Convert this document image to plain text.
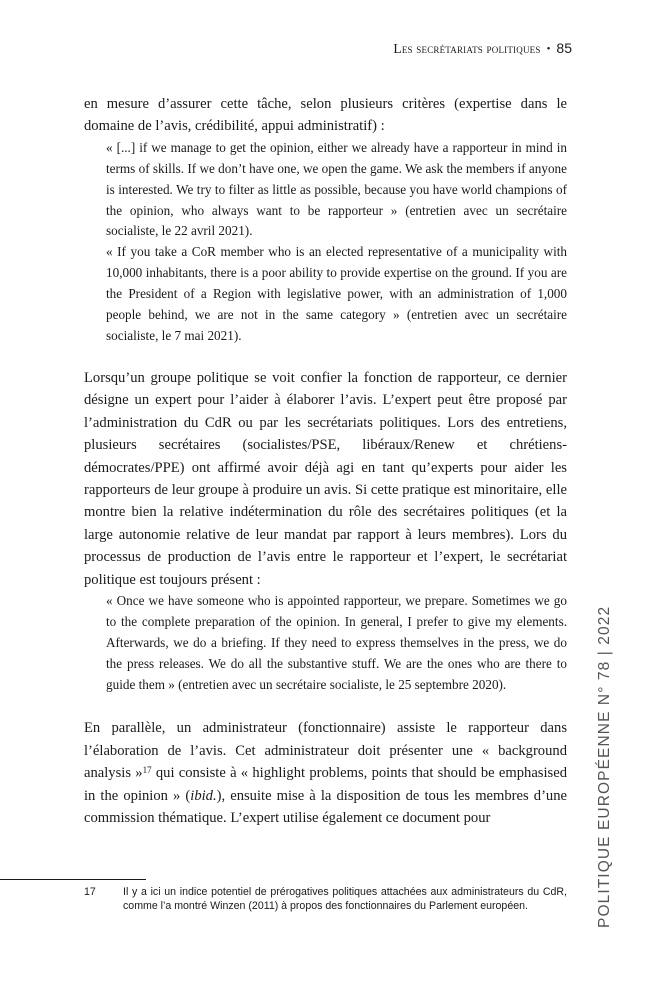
Les secrétariats politiques • 85

en mesure d’assurer cette tâche, selon plusieurs critères (expertise dans le domaine de l’avis, crédibilité, appui administratif) :

« [...] if we manage to get the opinion, either we already have a rapporteur in mind in terms of skills. If we don’t have one, we open the game. We ask the members if anyone is interested. We try to filter as little as possible, because you have world champions of the opinion, who always want to be rapporteur » (entretien avec un secrétaire socialiste, le 22 avril 2021).

« If you take a CoR member who is an elected representative of a municipality with 10,000 inhabitants, there is a poor ability to provide expertise on the ground. If you are the President of a Region with legislative power, with an administration of 1,000 people behind, we are not in the same category » (entretien avec un secrétaire socialiste, le 7 mai 2021).

Lorsqu’un groupe politique se voit confier la fonction de rapporteur, ce dernier désigne un expert pour l’aider à élaborer l’avis. L’expert peut être proposé par l’administration du CdR ou par les secrétariats politiques. Lors des entretiens, plusieurs secrétaires (socialistes/PSE, libéraux/Renew et chrétiens-démocrates/PPE) ont affirmé avoir déjà agi en tant qu’experts pour aider les rapporteurs de leur groupe à produire un avis. Si cette pratique est minoritaire, elle montre bien la relative indétermination du rôle des secrétaires politiques (et la large autonomie relative de leur mandat par rapport à leurs membres). Lors du processus de production de l’avis entre le rapporteur et l’expert, le secrétariat politique est toujours présent :

« Once we have someone who is appointed rapporteur, we prepare. Sometimes we go to the complete preparation of the opinion. In general, I prefer to give my elements. Afterwards, we do a briefing. If they need to express themselves in the press, we do the press releases. We do all the substantive stuff. We are the ones who are there to guide them » (entretien avec un secrétaire socialiste, le 25 septembre 2020).

En parallèle, un administrateur (fonctionnaire) assiste le rapporteur dans l’élaboration de l’avis. Cet administrateur doit présenter une « background analysis »$^{17}$ qui consiste à « highlight problems, points that should be emphasised in the opinion » (ibid.), ensuite mise à la disposition de tous les membres d’une commission thématique. L’expert utilise également ce document pour

17	Il y a ici un indice potentiel de prérogatives politiques attachées aux administrateurs du CdR, comme l’a montré Winzen (2011) à propos des fonctionnaires du Parlement européen.	POLITIQUE EUROPÉENNE N° 78 | 2022
